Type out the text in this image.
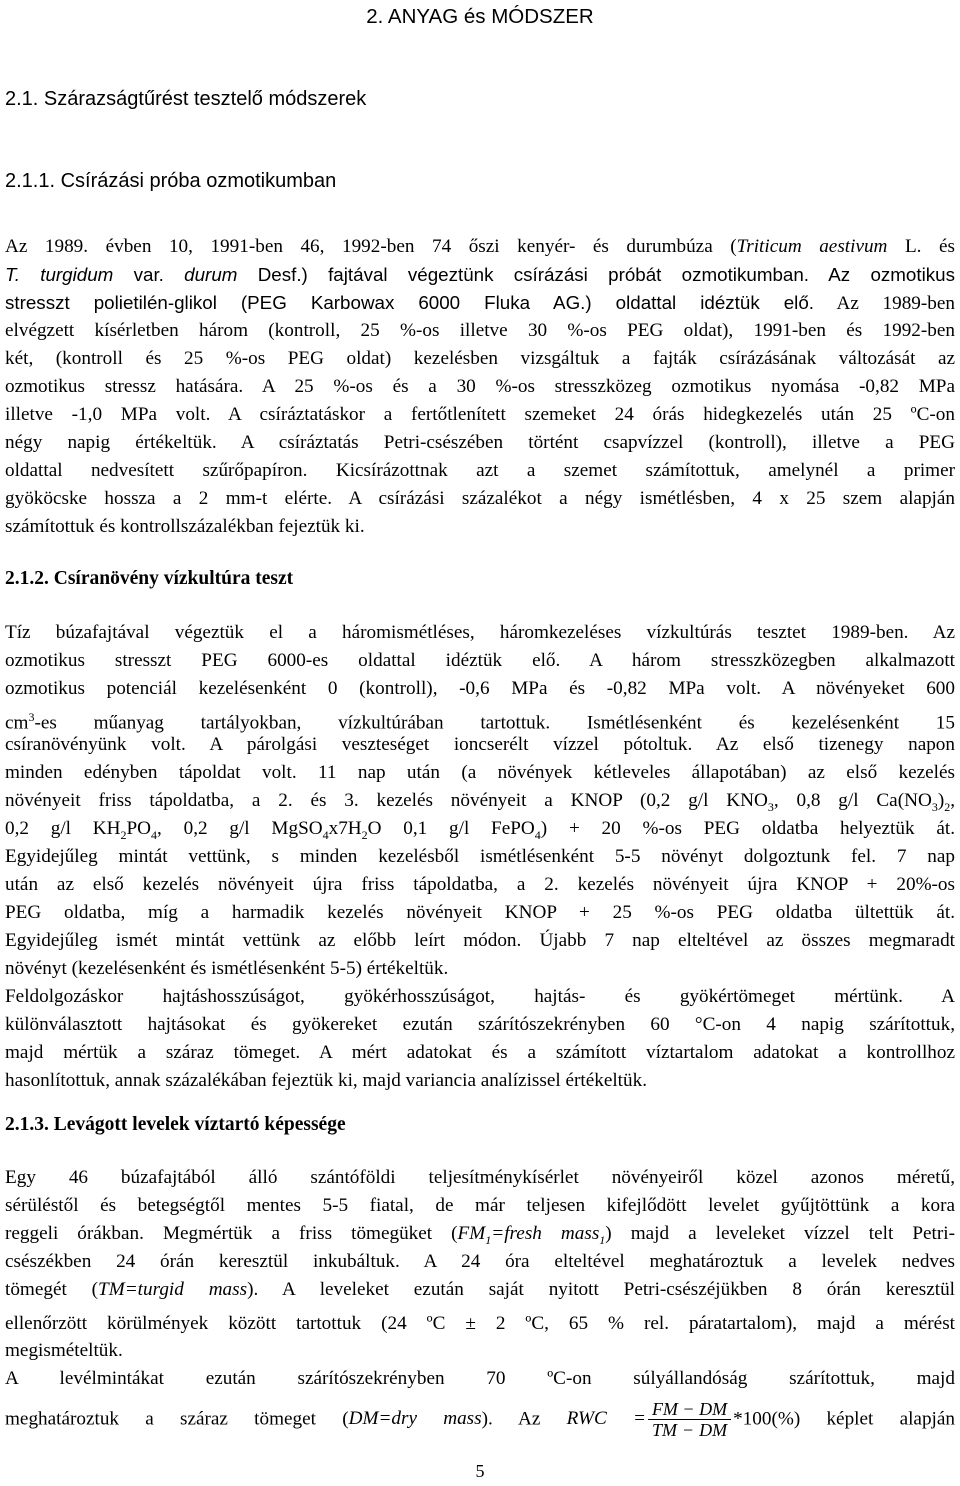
2. ANYAG és MÓDSZER
2.1. Szárazságtűrést tesztelő módszerek
2.1.1. Csírázási próba ozmotikumban
Az 1989. évben 10, 1991-ben 46, 1992-ben 74 őszi kenyér- és durumbúza (Triticum aestivum L. és
T. turgidum var. durum Desf.) fajtával végeztünk csírázási próbát ozmotikumban. Az ozmotikus
stresszt polietilén-glikol (PEG Karbowax 6000 Fluka AG.) oldattal idéztük elő. Az 1989-ben
elvégzett kísérletben három (kontroll, 25 %-os illetve 30 %-os PEG oldat), 1991-ben és 1992-ben
két, (kontroll és 25 %-os PEG oldat) kezelésben vizsgáltuk a fajták csírázásának változását az
ozmotikus stressz hatására. A 25 %-os és a 30 %-os stresszközeg ozmotikus nyomása -0,82 MPa
illetve -1,0 MPa volt. A csíráztatáskor a fertőtlenített szemeket 24 órás hidegkezelés után 25 ºC-on
négy napig értékeltük. A csíráztatás Petri-csészében történt csapvízzel (kontroll), illetve a PEG
oldattal nedvesített szűrőpapíron. Kicsírázottnak azt a szemet számítottuk, amelynél a primer
gyököcske hossza a 2 mm-t elérte. A csírázási százalékot a négy ismétlésben, 4 x 25 szem alapján
számítottuk és kontrollszázalékban fejeztük ki.
2.1.2. Csíranövény vízkultúra teszt
Tíz búzafajtával végeztük el a háromismétléses, háromkezeléses vízkultúrás tesztet 1989-ben. Az
ozmotikus stresszt PEG 6000-es oldattal idéztük elő. A három stresszközegben alkalmazott
ozmotikus potenciál kezelésenként 0 (kontroll), -0,6 MPa és -0,82 MPa volt. A növényeket 600
$cm^3-es$ műanyag tartályokban, vízkultúrában tartottuk. Ismétlésenként és kezelésenként 15
csíranövényünk volt. A párolgási veszteséget ioncserélt vízzel pótoltuk. Az első tizenegy napon
minden edényben tápoldat volt. 11 nap után (a növények kétleveles állapotában) az első kezelés
növényeit friss tápoldatba, a 2. és 3. kezelés növényeit a KNOP (0,2 g/l $KNO_3$, 0,8 g/l $Ca(NO_3)_2$,
0,2 g/l $KH_2PO_4$, 0,2 g/l $MgSO_4x7H_2O$ 0,1 g/l FePO$_4$) + 20 %-os PEG oldatba helyeztük át.
Egyidejűleg mintát vettünk, s minden kezelésből ismétlésenként 5-5 növényt dolgoztunk fel. 7 nap
után az első kezelés növényeit újra friss tápoldatba, a 2. kezelés növényeit újra KNOP + 20%-os
PEG oldatba, míg a harmadik kezelés növényeit KNOP + 25 %-os PEG oldatba ültettük át.
Egyidejűleg ismét mintát vettünk az előbb leírt módon. Újabb 7 nap elteltével az összes megmaradt
növényt (kezelésenként és ismétlésenként 5-5) értékeltük.
Feldolgozáskor hajtáshosszúságot, gyökérhosszúságot, hajtás- és gyökértömeget mértünk. A
különválasztott hajtásokat és gyökereket ezután szárítószekrényben 60 °C-on 4 napig szárítottuk,
majd mértük a száraz tömeget. A mért adatokat és a számított víztartalom adatokat a kontrollhoz
hasonlítottuk, annak százalékában fejeztük ki, majd variancia analízissel értékeltük.
2.1.3. Levágott levelek víztartó képessége
Egy 46 búzafajtából álló szántóföldi teljesítménykísérlet növényeiről közel azonos méretű,
sérüléstől és betegségtől mentes 5-5 fiatal, de már teljesen kifejlődött levelet gyűjtöttünk a kora
reggeli órákban. Megmértük a friss tömegüket ($FM_1=fresh$ mass$_1$) majd a leveleket vízzel telt Petri-
csészékben 24 órán keresztül inkubáltuk. A 24 óra elteltével meghatároztuk a levelek nedves
tömegét (TM=turgid mass). A leveleket ezután saját nyitott Petri-csészéjükben 8 órán keresztül
ellenőrzött körülmények között tartottuk (24 ºC ± 2 ºC, 65 % rel. páratartalom), majd a mérést
megismételtük.
A levélmintákat ezután szárítószekrényben 70 ºC-on súlyállandóság szárítottuk, majd
meghatároztuk a száraz tömeget (DM=dry mass). Az RWC = $\frac{FM - DM}{TM - DM} *100(\%)$ képlet alapján
5
